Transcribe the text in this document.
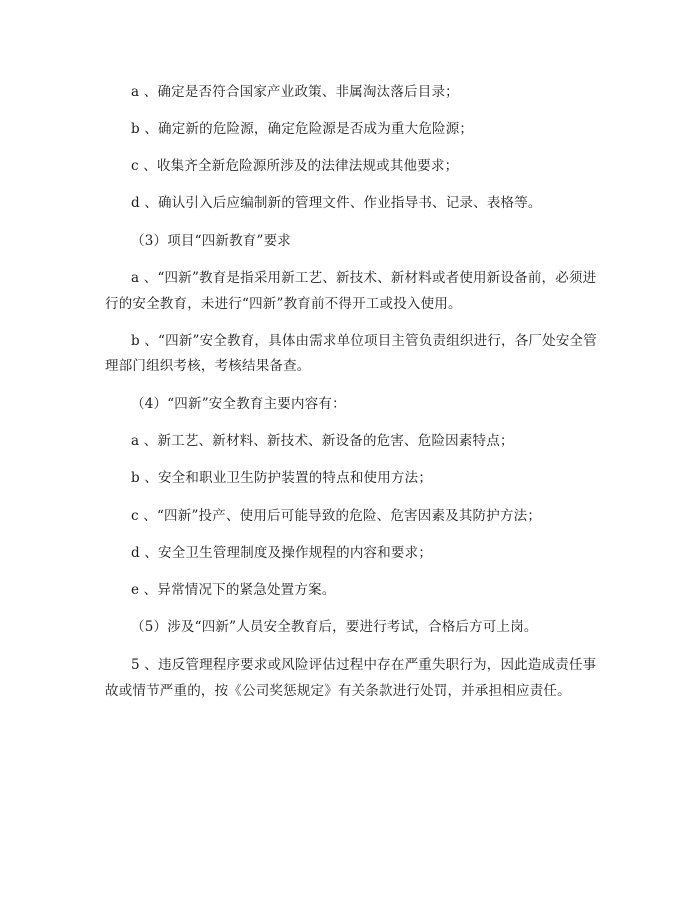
a 、确定是否符合国家产业政策、非属淘汰落后目录；
b 、确定新的危险源，确定危险源是否成为重大危险源；
c 、收集齐全新危险源所涉及的法律法规或其他要求；
d 、确认引入后应编制新的管理文件、作业指导书、记录、表格等。
（3）项目“四新教育”要求
a 、“四新”教育是指采用新工艺、新技术、新材料或者使用新设备前，必须进
行的安全教育，未进行“四新”教育前不得开工或投入使用。
b 、“四新”安全教育，具体由需求单位项目主管负责组织进行，各厂处安全管
理部门组织考核，考核结果备查。
（4）“四新”安全教育主要内容有：
a 、新工艺、新材料、新技术、新设备的危害、危险因素特点；
b 、安全和职业卫生防护装置的特点和使用方法；
c 、“四新”投产、使用后可能导致的危险、危害因素及其防护方法；
d 、安全卫生管理制度及操作规程的内容和要求；
e 、异常情况下的紧急处置方案。
（5）涉及“四新”人员安全教育后，要进行考试，合格后方可上岗。
5 、违反管理程序要求或风险评估过程中存在严重失职行为，因此造成责任事
故或情节严重的，按《公司奖惩规定》有关条款进行处罚，并承担相应责任。
